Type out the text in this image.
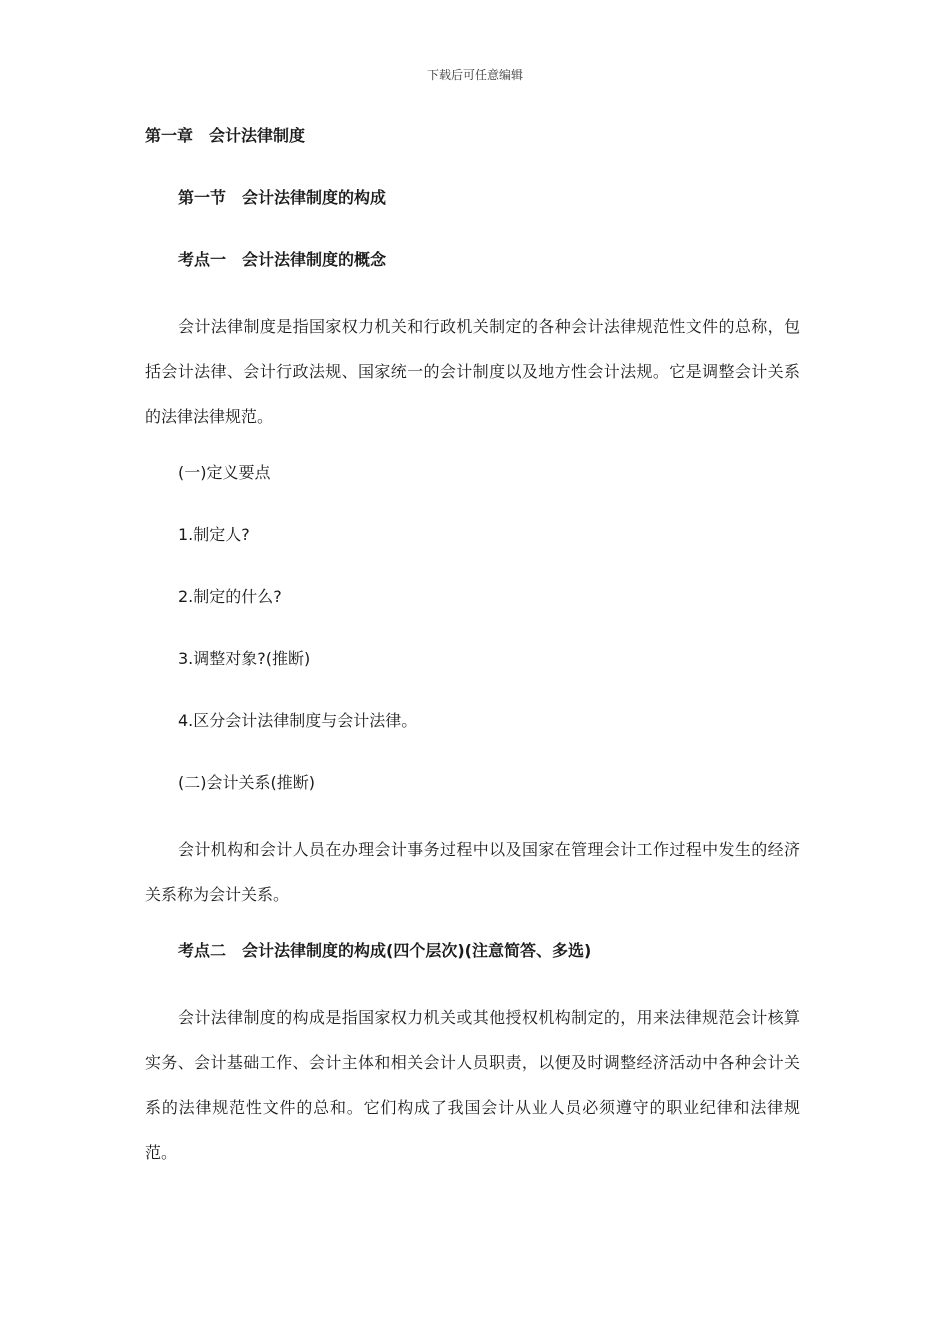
下载后可任意编辑
第一章　会计法律制度
第一节　会计法律制度的构成
考点一　会计法律制度的概念

会计法律制度是指国家权力机关和行政机关制定的各种会计法律规范性文件的总称，包括会计法律、会计行政法规、国家统一的会计制度以及地方性会计法规。它是调整会计关系的法律法律规范。

(一)定义要点
1.制定人?
2.制定的什么?
3.调整对象?(推断)
4.区分会计法律制度与会计法律。
(二)会计关系(推断)

会计机构和会计人员在办理会计事务过程中以及国家在管理会计工作过程中发生的经济关系称为会计关系。

考点二　会计法律制度的构成(四个层次)(注意简答、多选)

会计法律制度的构成是指国家权力机关或其他授权机构制定的，用来法律规范会计核算实务、会计基础工作、会计主体和相关会计人员职责，以便及时调整经济活动中各种会计关系的法律规范性文件的总和。它们构成了我国会计从业人员必须遵守的职业纪律和法律规范。
